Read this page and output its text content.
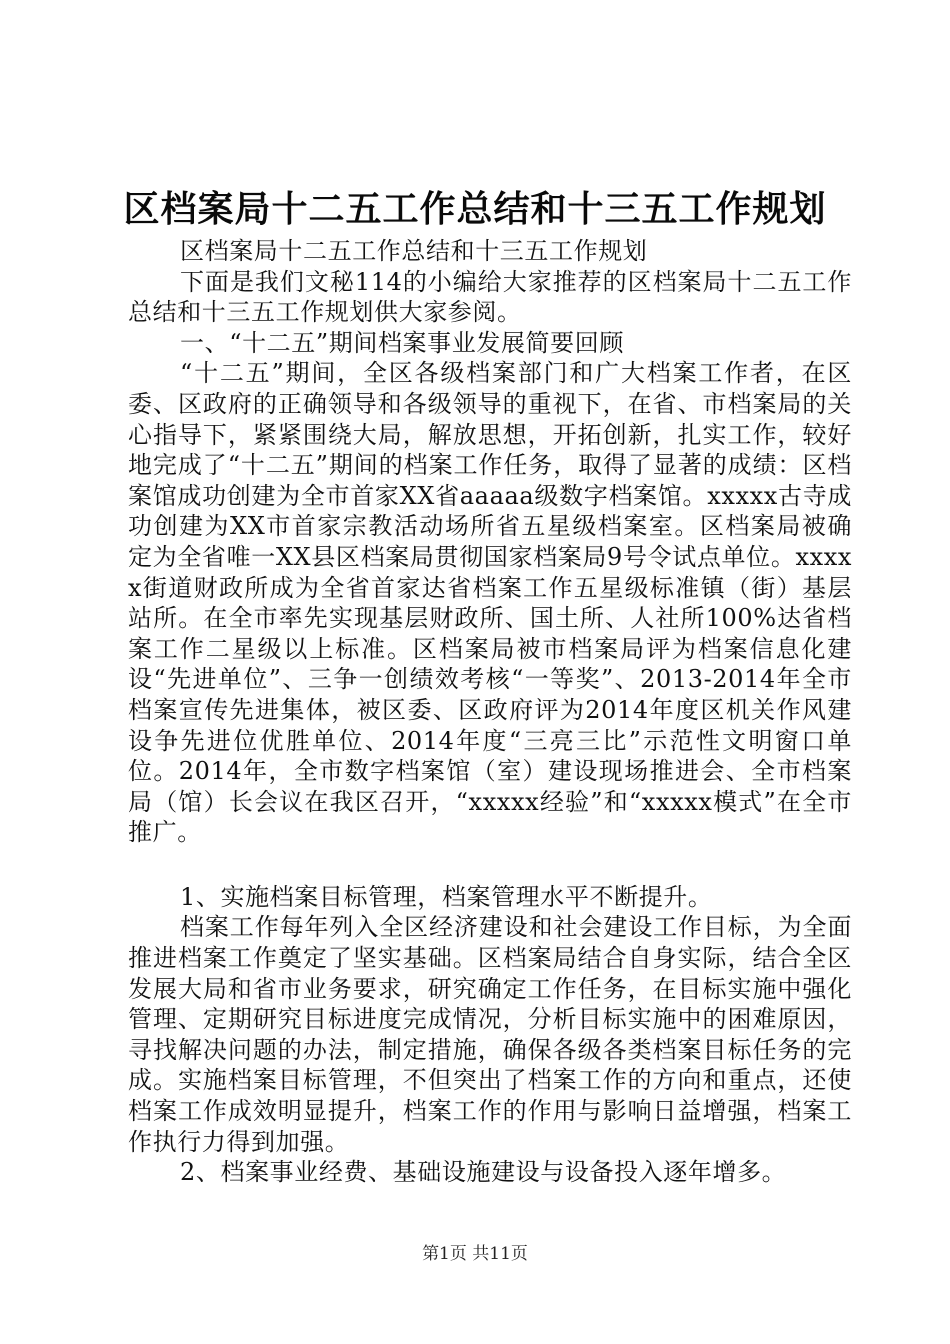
区档案局十二五工作总结和十三五工作规划

区档案局十二五工作总结和十三五工作规划

下面是我们文秘114的小编给大家推荐的区档案局十二五工作总结和十三五工作规划供大家参阅。

一、“十二五”期间档案事业发展简要回顾

“十二五”期间，全区各级档案部门和广大档案工作者，在区委、区政府的正确领导和各级领导的重视下，在省、市档案局的关心指导下，紧紧围绕大局，解放思想，开拓创新，扎实工作，较好地完成了“十二五”期间的档案工作任务，取得了显著的成绩：区档案馆成功创建为全市首家XX省aaaaa级数字档案馆。xxxxx古寺成功创建为XX市首家宗教活动场所省五星级档案室。区档案局被确定为全省唯一XX县区档案局贯彻国家档案局9号令试点单位。xxxxx街道财政所成为全省首家达省档案工作五星级标准镇（街）基层站所。在全市率先实现基层财政所、国土所、人社所100%达省档案工作二星级以上标准。区档案局被市档案局评为档案信息化建设“先进单位”、三争一创绩效考核“一等奖”、2013-2014年全市档案宣传先进集体，被区委、区政府评为2014年度区机关作风建设争先进位优胜单位、2014年度“三亮三比”示范性文明窗口单位。2014年，全市数字档案馆（室）建设现场推进会、全市档案局（馆）长会议在我区召开，“xxxxx经验”和“xxxxx模式”在全市推广。

1、实施档案目标管理，档案管理水平不断提升。

档案工作每年列入全区经济建设和社会建设工作目标，为全面推进档案工作奠定了坚实基础。区档案局结合自身实际，结合全区发展大局和省市业务要求，研究确定工作任务，在目标实施中强化管理、定期研究目标进度完成情况，分析目标实施中的困难原因，寻找解决问题的办法，制定措施，确保各级各类档案目标任务的完成。实施档案目标管理，不但突出了档案工作的方向和重点，还使档案工作成效明显提升，档案工作的作用与影响日益增强，档案工作执行力得到加强。

2、档案事业经费、基础设施建设与设备投入逐年增多。

第1页 共11页
